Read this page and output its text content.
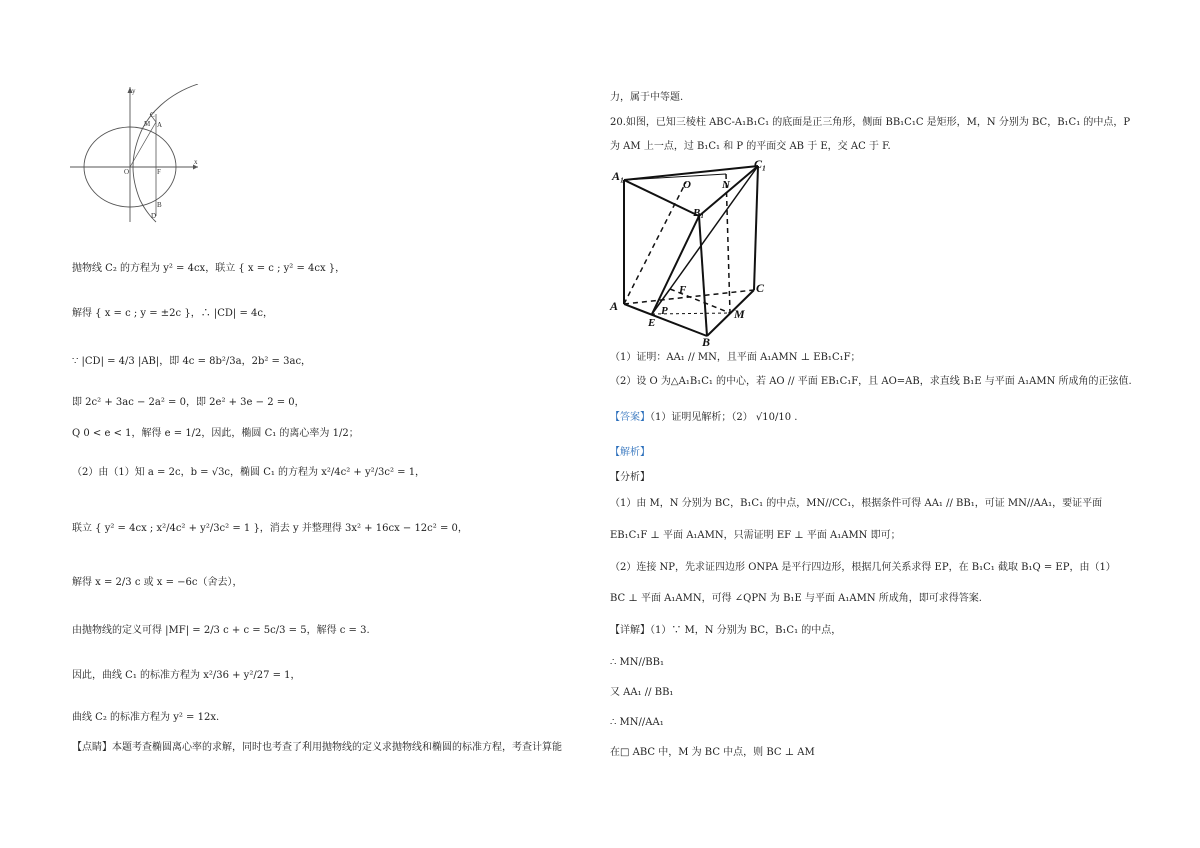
y
x
O	F
C
A
M
B
D
抛物线 C₂ 的方程为 y² = 4cx，联立 { x = c ; y² = 4cx }，
解得 { x = c ; y = ±2c }，∴ |CD| = 4c，
∵ |CD| = 4/3 |AB|，即 4c = 8b²/3a，2b² = 3ac，
即 2c² + 3ac − 2a² = 0，即 2e² + 3e − 2 = 0，
Q 0 < e < 1，解得 e = 1/2，因此，椭圆 C₁ 的离心率为 1/2；
（2）由（1）知 a = 2c，b = √3c，椭圆 C₁ 的方程为 x²/4c² + y²/3c² = 1，
联立 { y² = 4cx ; x²/4c² + y²/3c² = 1 }，消去 y 并整理得 3x² + 16cx − 12c² = 0，
解得 x = 2/3 c 或 x = −6c（舍去），
由抛物线的定义可得 |MF| = 2/3 c + c = 5c/3 = 5，解得 c = 3.
因此，曲线 C₁ 的标准方程为 x²/36 + y²/27 = 1，
曲线 C₂ 的标准方程为 y² = 12x.
【点睛】本题考查椭圆离心率的求解，同时也考查了利用抛物线的定义求抛物线和椭圆的标准方程，考查计算能
力，属于中等题.
20.如图，已知三棱柱 ABC-A₁B₁C₁ 的底面是正三角形，侧面 BB₁C₁C 是矩形，M，N 分别为 BC，B₁C₁ 的中点，P
为 AM 上一点，过 B₁C₁ 和 P 的平面交 AB 于 E，交 AC 于 F.
A₁
O	N
C₁
B₁
F	C
A	P
E
M
B
（1）证明：AA₁ // MN，且平面 A₁AMN ⊥ EB₁C₁F；
（2）设 O 为△A₁B₁C₁ 的中心，若 AO // 平面 EB₁C₁F，且 AO=AB，求直线 B₁E 与平面 A₁AMN 所成角的正弦值.
【答案】（1）证明见解析；（2） √10/10 .
【解析】
【分析】
（1）由 M，N 分别为 BC，B₁C₁ 的中点，MN//CC₁，根据条件可得 AA₁ // BB₁，可证 MN//AA₁，要证平面
EB₁C₁F ⊥ 平面 A₁AMN，只需证明 EF ⊥ 平面 A₁AMN 即可；
（2）连接 NP，先求证四边形 ONPA 是平行四边形，根据几何关系求得 EP，在 B₁C₁ 截取 B₁Q = EP，由（1）
BC ⊥ 平面 A₁AMN，可得 ∠QPN 为 B₁E 与平面 A₁AMN 所成角，即可求得答案.
【详解】（1）∵ M，N 分别为 BC，B₁C₁ 的中点，
∴ MN//BB₁
又 AA₁ // BB₁
∴ MN//AA₁
在□ ABC 中，M 为 BC 中点，则 BC ⊥ AM
